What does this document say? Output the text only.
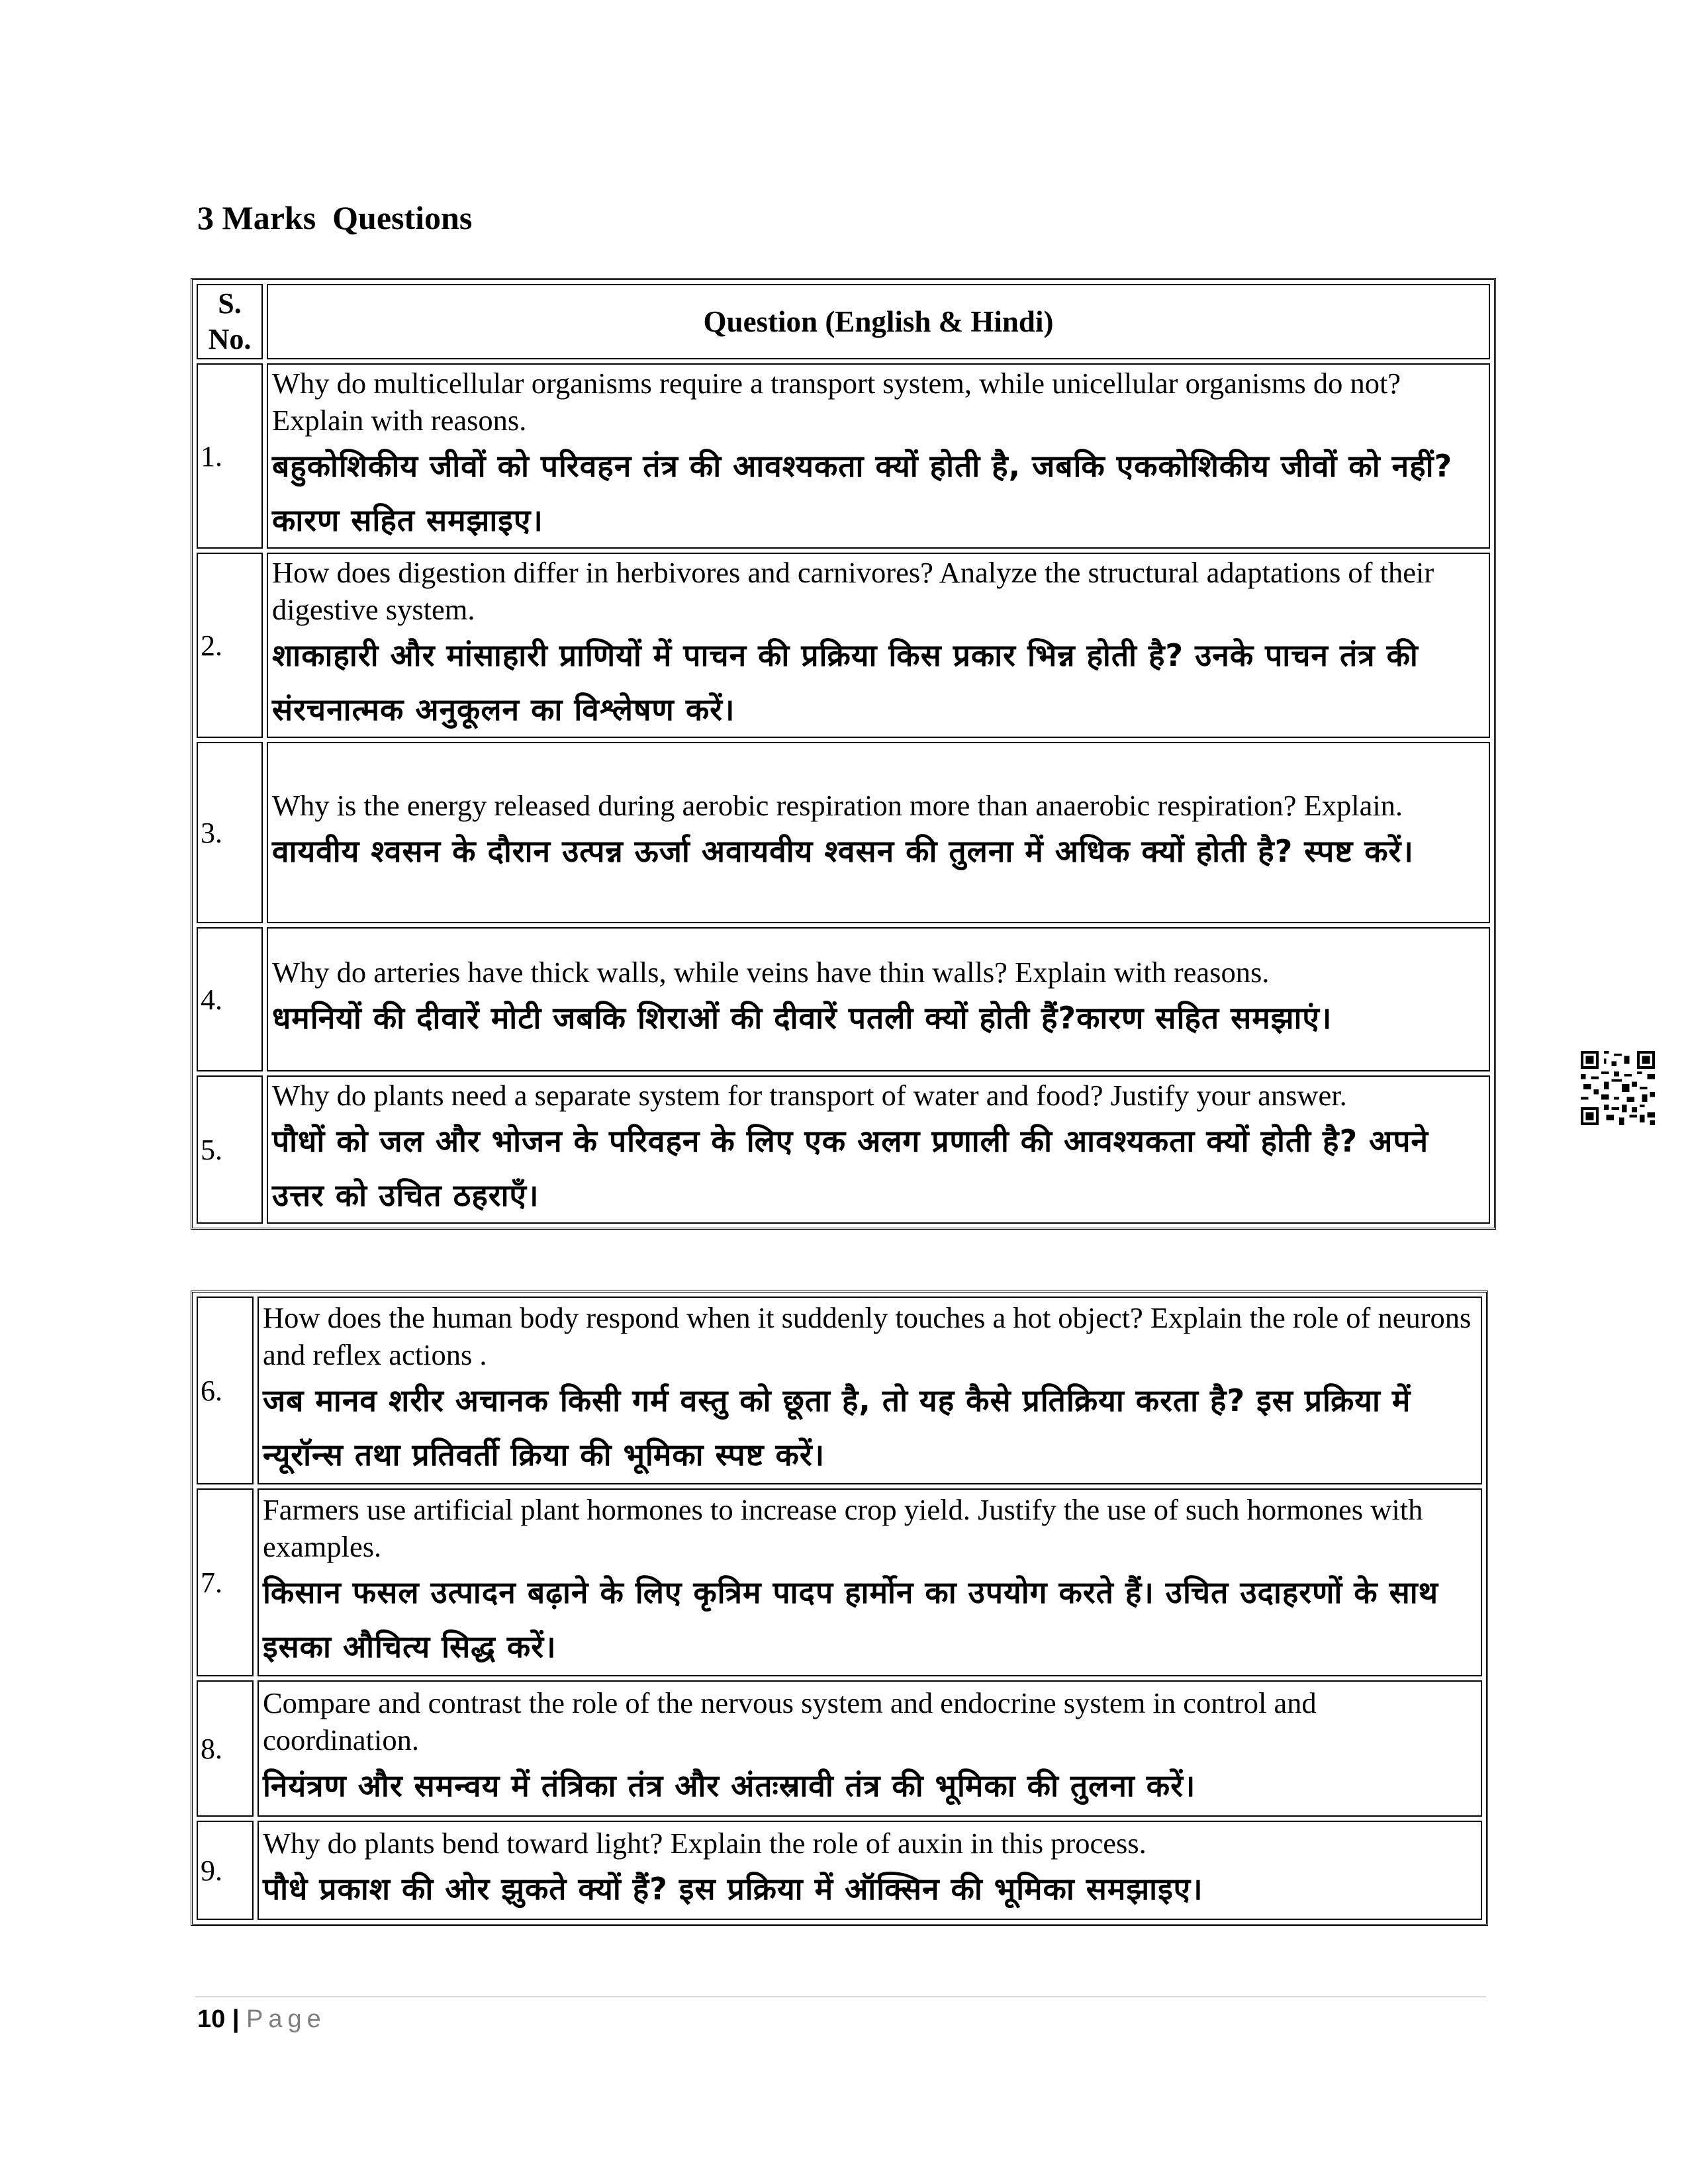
3 Marks  Questions
S. No.	Question (English & Hindi)
1.	Why do multicellular organisms require a transport system, while unicellular organisms do not? Explain with reasons.
बहुकोशिकीय जीवों को परिवहन तंत्र की आवश्यकता क्यों होती है, जबकि एककोशिकीय जीवों को नहीं? कारण सहित समझाइए।

2.	How does digestion differ in herbivores and carnivores? Analyze the structural adaptations of their digestive system.
शाकाहारी और मांसाहारी प्राणियों में पाचन की प्रक्रिया किस प्रकार भिन्न होती है? उनके पाचन तंत्र की संरचनात्मक अनुकूलन का विश्लेषण करें।

3.	Why is the energy released during aerobic respiration more than anaerobic respiration? Explain.
वायवीय श्वसन के दौरान उत्पन्न ऊर्जा अवायवीय श्वसन की तुलना में अधिक क्यों होती है? स्पष्ट करें।

4.	Why do arteries have thick walls, while veins have thin walls? Explain with reasons.
धमनियों की दीवारें मोटी जबकि शिराओं की दीवारें पतली क्यों होती हैं?कारण सहित समझाएं।

5.	Why do plants need a separate system for transport of water and food? Justify your answer.
पौधों को जल और भोजन के परिवहन के लिए एक अलग प्रणाली की आवश्यकता क्यों होती है? अपने उत्तर को उचित ठहराएँ।
6.	How does the human body respond when it suddenly touches a hot object? Explain the role of neurons and reflex actions .
जब मानव शरीर अचानक किसी गर्म वस्तु को छूता है, तो यह कैसे प्रतिक्रिया करता है? इस प्रक्रिया में न्यूरॉन्स तथा प्रतिवर्ती क्रिया की भूमिका स्पष्ट करें।

7.	Farmers use artificial plant hormones to increase crop yield. Justify the use of such hormones with examples.
किसान फसल उत्पादन बढ़ाने के लिए कृत्रिम पादप हार्मोन का उपयोग करते हैं। उचित उदाहरणों के साथ इसका औचित्य सिद्ध करें।

8.	Compare and contrast the role of the nervous system and endocrine system in control and coordination.
नियंत्रण और समन्वय में तंत्रिका तंत्र और अंतःस्रावी तंत्र की भूमिका की तुलना करें।

9.	Why do plants bend toward light? Explain the role of auxin in this process.
पौधे प्रकाश की ओर झुकते क्यों हैं? इस प्रक्रिया में ऑक्सिन की भूमिका समझाइए।
10 | Page
